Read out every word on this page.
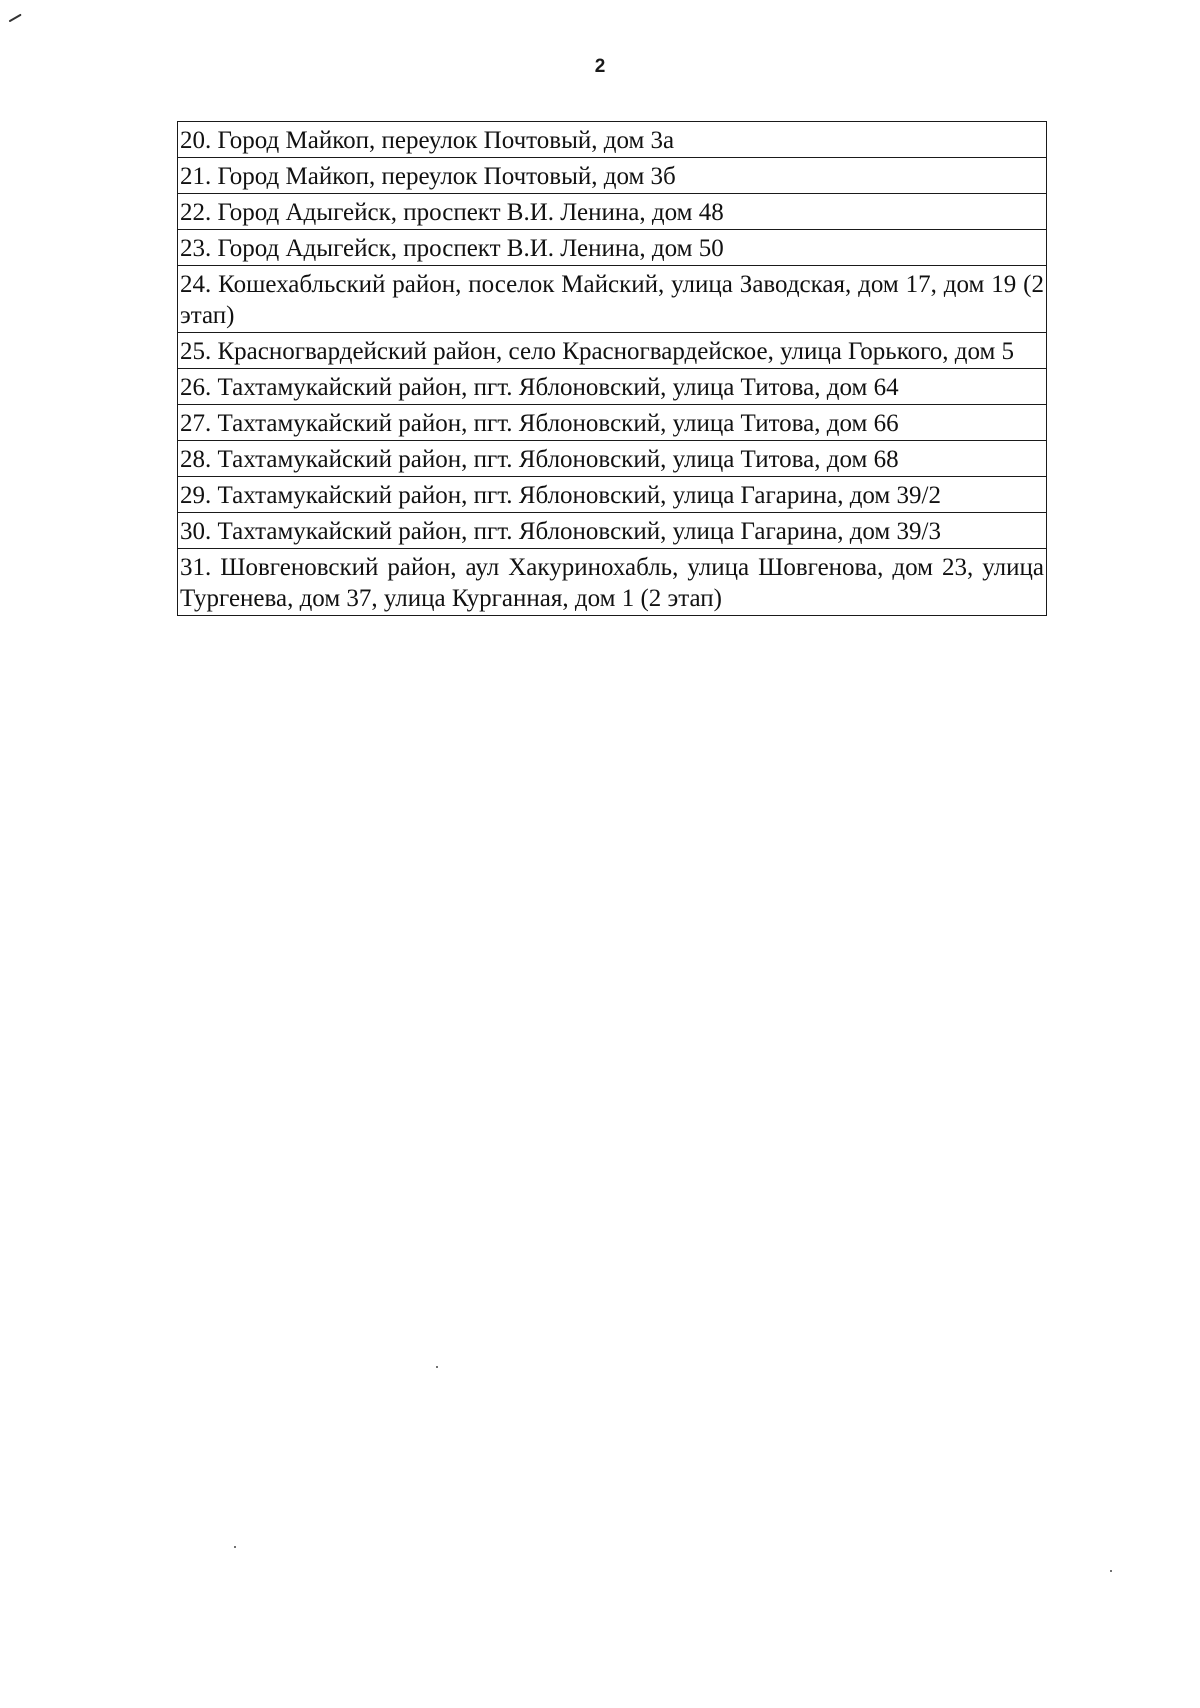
2
20. Город Майкоп, переулок Почтовый, дом 3а
21. Город Майкоп, переулок Почтовый, дом 3б
22. Город Адыгейск, проспект В.И. Ленина, дом 48
23. Город Адыгейск, проспект В.И. Ленина, дом 50
24. Кошехабльский район, поселок Майский, улица Заводская, дом 17, дом 19 (2 этап)
25. Красногвардейский район, село Красногвардейское, улица Горького, дом 5
26. Тахтамукайский район, пгт. Яблоновский, улица Титова, дом 64
27. Тахтамукайский район, пгт. Яблоновский, улица Титова, дом 66
28. Тахтамукайский район, пгт. Яблоновский, улица Титова, дом 68
29. Тахтамукайский район, пгт. Яблоновский, улица Гагарина, дом 39/2
30. Тахтамукайский район, пгт. Яблоновский, улица Гагарина, дом 39/3
31. Шовгеновский район, аул Хакуринохабль, улица Шовгенова, дом 23, улица Тургенева, дом 37, улица Курганная, дом 1 (2 этап)
